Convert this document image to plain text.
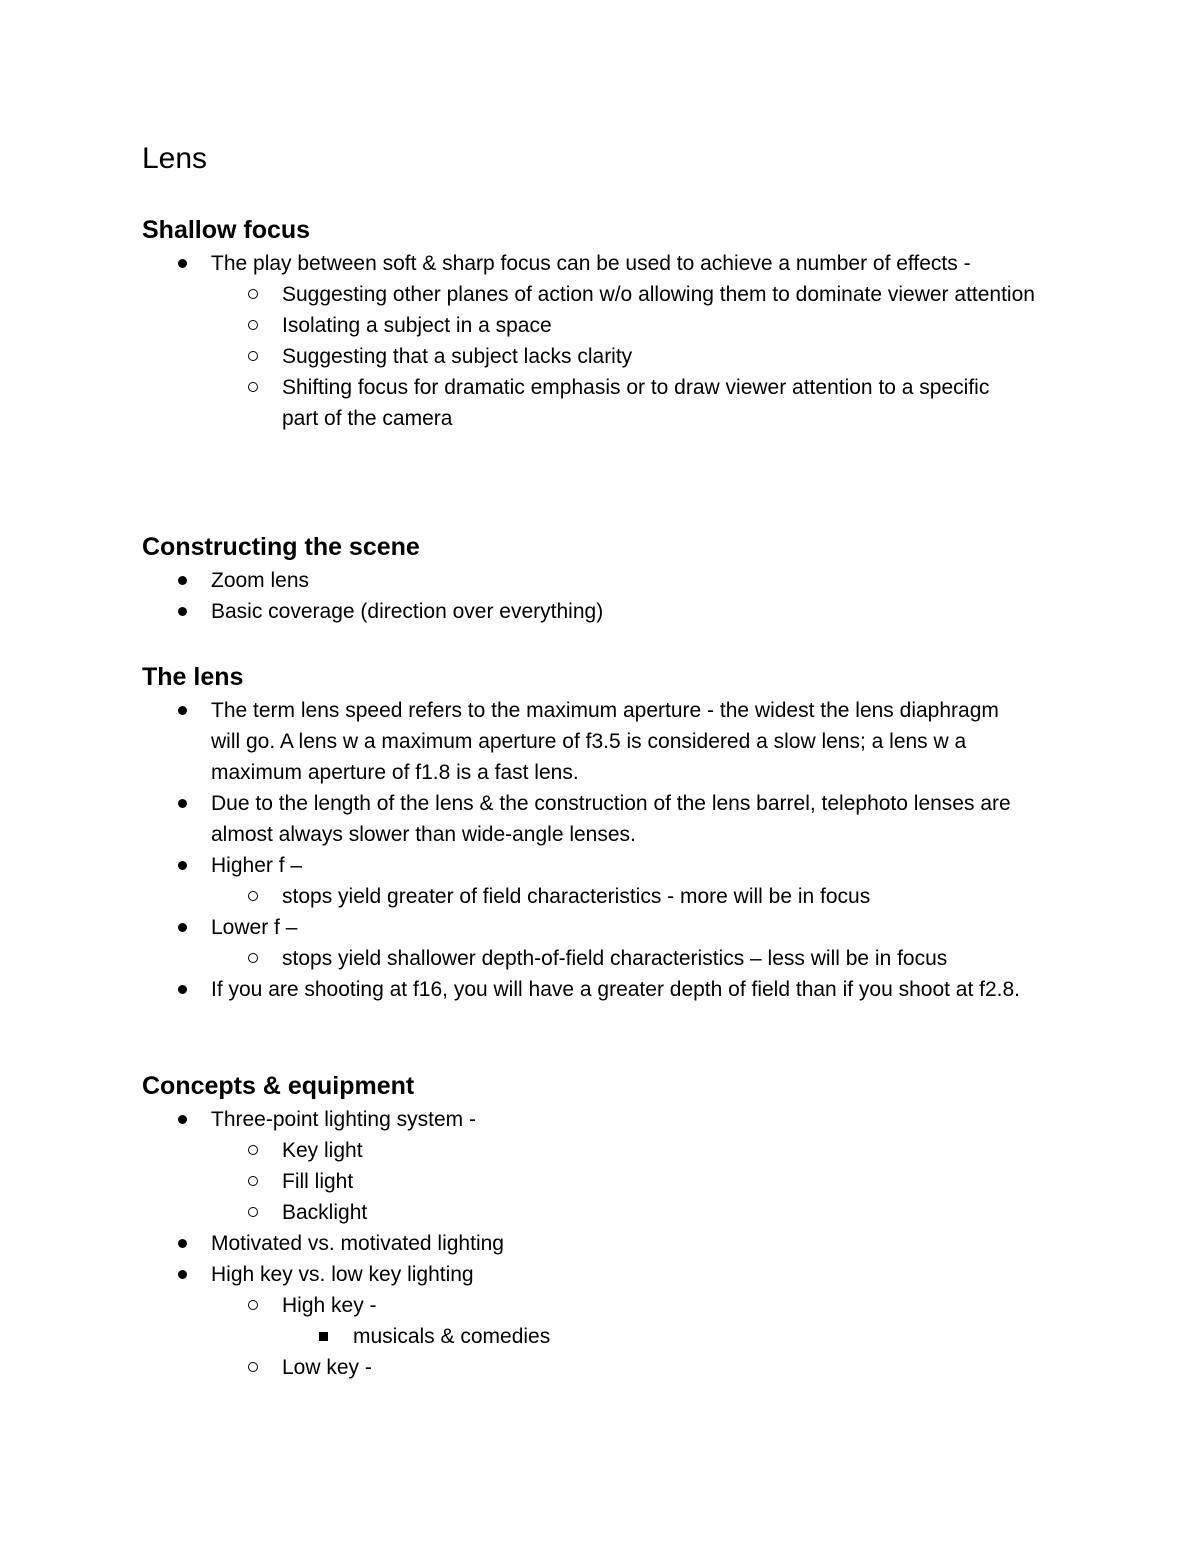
Lens
Shallow focus
The play between soft & sharp focus can be used to achieve a number of effects -
Suggesting other planes of action w/o allowing them to dominate viewer attention
Isolating a subject in a space
Suggesting that a subject lacks clarity
Shifting focus for dramatic emphasis or to draw viewer attention to a specific part of the camera
Constructing the scene
Zoom lens
Basic coverage (direction over everything)
The lens
The term lens speed refers to the maximum aperture - the widest the lens diaphragm will go. A lens w a maximum aperture of f3.5 is considered a slow lens; a lens w a maximum aperture of f1.8 is a fast lens.
Due to the length of the lens & the construction of the lens barrel, telephoto lenses are almost always slower than wide-angle lenses.
Higher f –
stops yield greater of field characteristics - more will be in focus
Lower f –
stops yield shallower depth-of-field characteristics – less will be in focus
If you are shooting at f16, you will have a greater depth of field than if you shoot at f2.8.
Concepts & equipment
Three-point lighting system -
Key light
Fill light
Backlight
Motivated vs. motivated lighting
High key vs. low key lighting
High key -
musicals & comedies
Low key -
